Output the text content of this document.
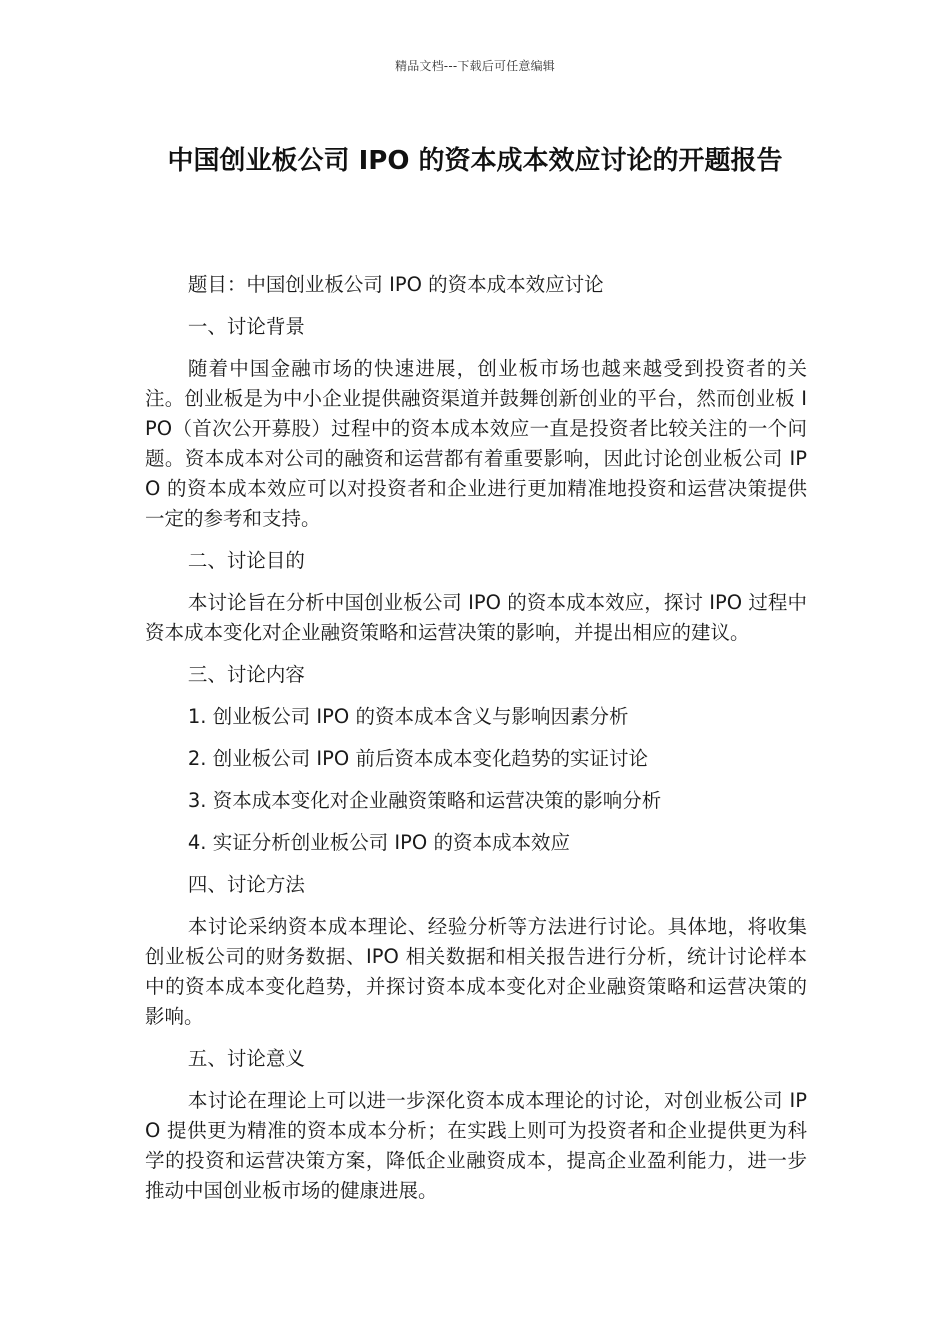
精品文档---下载后可任意编辑
中国创业板公司 IPO 的资本成本效应讨论的开题报告

题目：中国创业板公司 IPO 的资本成本效应讨论

一、讨论背景

随着中国金融市场的快速进展，创业板市场也越来越受到投资者的关注。创业板是为中小企业提供融资渠道并鼓舞创新创业的平台，然而创业板 IPO（首次公开募股）过程中的资本成本效应一直是投资者比较关注的一个问题。资本成本对公司的融资和运营都有着重要影响，因此讨论创业板公司 IPO 的资本成本效应可以对投资者和企业进行更加精准地投资和运营决策提供一定的参考和支持。

二、讨论目的

本讨论旨在分析中国创业板公司 IPO 的资本成本效应，探讨 IPO 过程中资本成本变化对企业融资策略和运营决策的影响，并提出相应的建议。

三、讨论内容

1. 创业板公司 IPO 的资本成本含义与影响因素分析

2. 创业板公司 IPO 前后资本成本变化趋势的实证讨论

3. 资本成本变化对企业融资策略和运营决策的影响分析

4. 实证分析创业板公司 IPO 的资本成本效应

四、讨论方法

本讨论采纳资本成本理论、经验分析等方法进行讨论。具体地，将收集创业板公司的财务数据、IPO 相关数据和相关报告进行分析，统计讨论样本中的资本成本变化趋势，并探讨资本成本变化对企业融资策略和运营决策的影响。

五、讨论意义

本讨论在理论上可以进一步深化资本成本理论的讨论，对创业板公司 IPO 提供更为精准的资本成本分析；在实践上则可为投资者和企业提供更为科学的投资和运营决策方案，降低企业融资成本，提高企业盈利能力，进一步推动中国创业板市场的健康进展。
